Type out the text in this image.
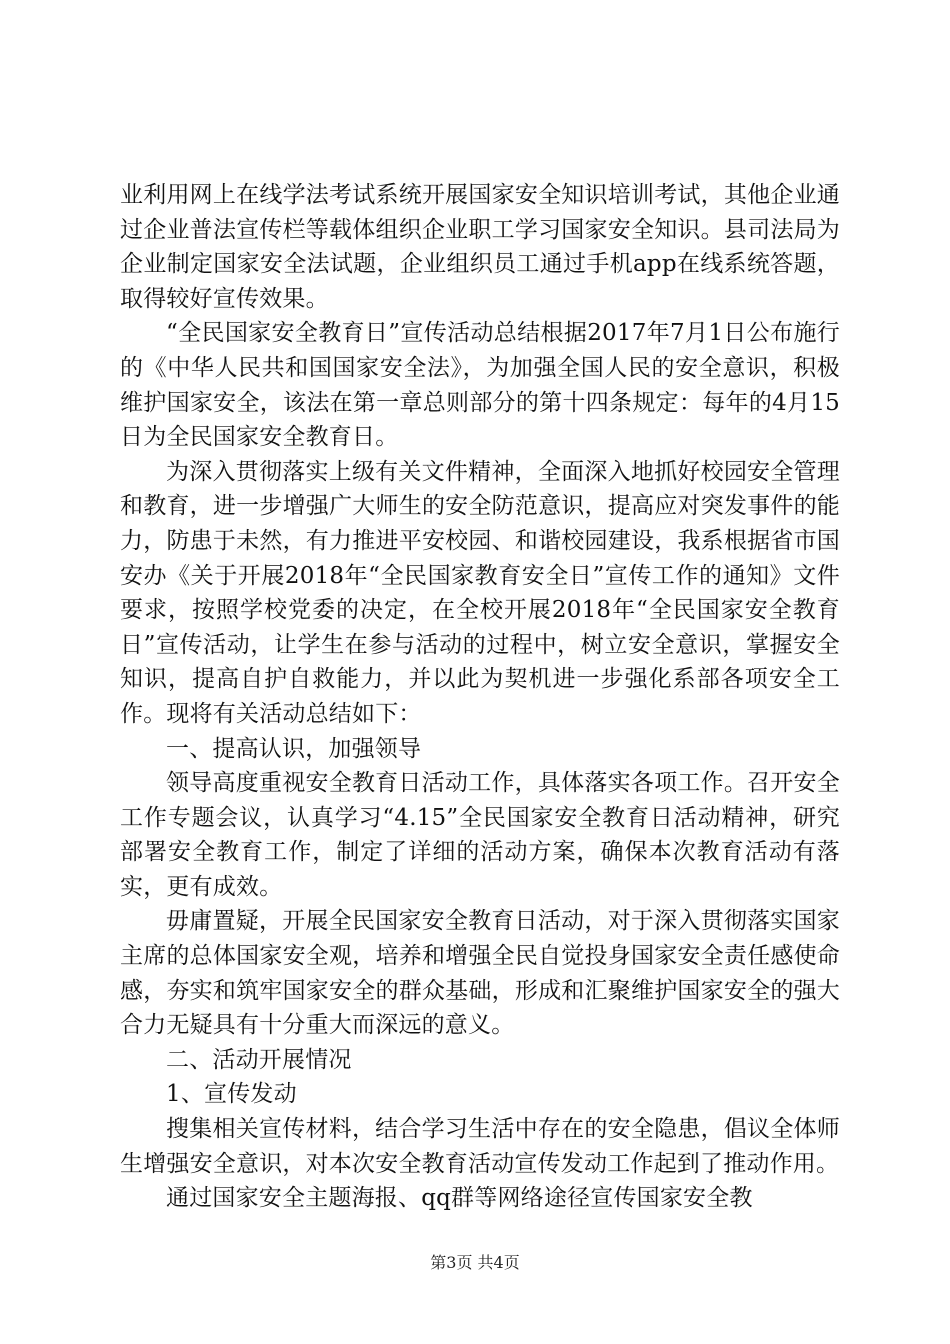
业利用网上在线学法考试系统开展国家安全知识培训考试，其他企业通过企业普法宣传栏等载体组织企业职工学习国家安全知识。县司法局为企业制定国家安全法试题，企业组织员工通过手机app在线系统答题，取得较好宣传效果。

“全民国家安全教育日”宣传活动总结根据2017年7月1日公布施行的《中华人民共和国国家安全法》，为加强全国人民的安全意识，积极维护国家安全，该法在第一章总则部分的第十四条规定：每年的4月15日为全民国家安全教育日。

为深入贯彻落实上级有关文件精神，全面深入地抓好校园安全管理和教育，进一步增强广大师生的安全防范意识，提高应对突发事件的能力，防患于未然，有力推进平安校园、和谐校园建设，我系根据省市国安办《关于开展2018年“全民国家教育安全日”宣传工作的通知》文件要求，按照学校党委的决定，在全校开展2018年“全民国家安全教育日”宣传活动，让学生在参与活动的过程中，树立安全意识，掌握安全知识，提高自护自救能力，并以此为契机进一步强化系部各项安全工作。现将有关活动总结如下：

一、提高认识，加强领导

领导高度重视安全教育日活动工作，具体落实各项工作。召开安全工作专题会议，认真学习“4.15”全民国家安全教育日活动精神，研究部署安全教育工作，制定了详细的活动方案，确保本次教育活动有落实，更有成效。

毋庸置疑，开展全民国家安全教育日活动，对于深入贯彻落实国家主席的总体国家安全观，培养和增强全民自觉投身国家安全责任感使命感，夯实和筑牢国家安全的群众基础，形成和汇聚维护国家安全的强大合力无疑具有十分重大而深远的意义。

二、活动开展情况

1、宣传发动

搜集相关宣传材料，结合学习生活中存在的安全隐患，倡议全体师生增强安全意识，对本次安全教育活动宣传发动工作起到了推动作用。

通过国家安全主题海报、qq群等网络途径宣传国家安全教

第3页 共4页
